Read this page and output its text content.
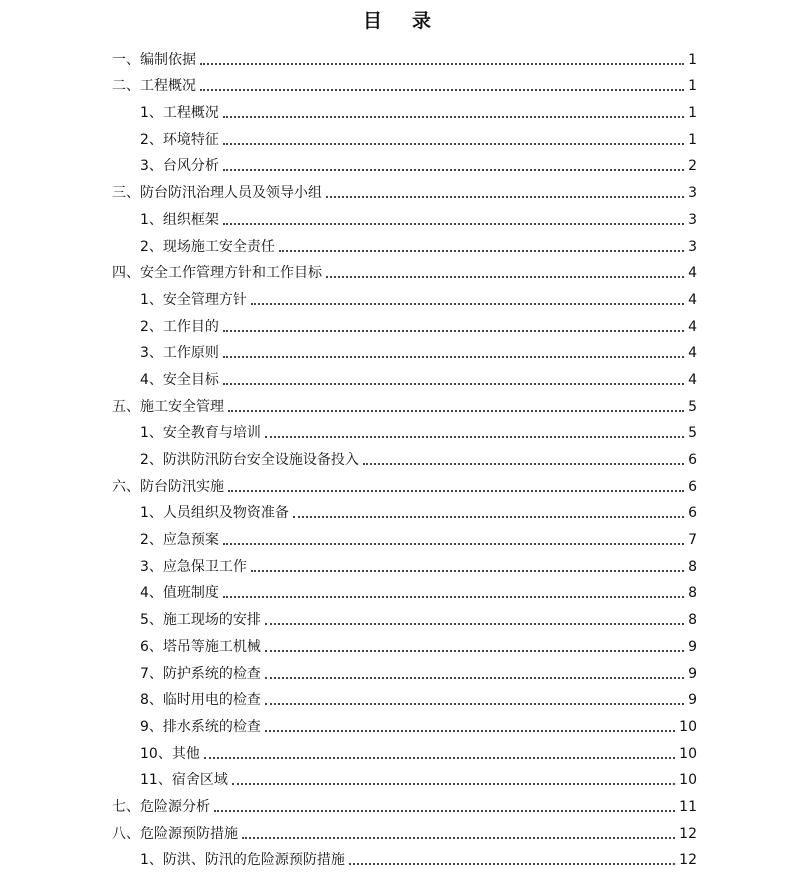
目 录
一、编制依据	1
二、工程概况	1
1、工程概况	1
2、环境特征	1
3、台风分析	2
三、防台防汛治理人员及领导小组	3
1、组织框架	3
2、现场施工安全责任	3
四、安全工作管理方针和工作目标	4
1、安全管理方针	4
2、工作目的	4
3、工作原则	4
4、安全目标	4
五、施工安全管理	5
1、安全教育与培训	5
2、防洪防汛防台安全设施设备投入	6
六、防台防汛实施	6
1、人员组织及物资准备	6
2、应急预案	7
3、应急保卫工作	8
4、值班制度	8
5、施工现场的安排	8
6、塔吊等施工机械	9
7、防护系统的检查	9
8、临时用电的检查	9
9、排水系统的检查	10
10、其他	10
11、宿舍区域	10
七、危险源分析	11
八、危险源预防措施	12
1、防洪、防汛的危险源预防措施	12
